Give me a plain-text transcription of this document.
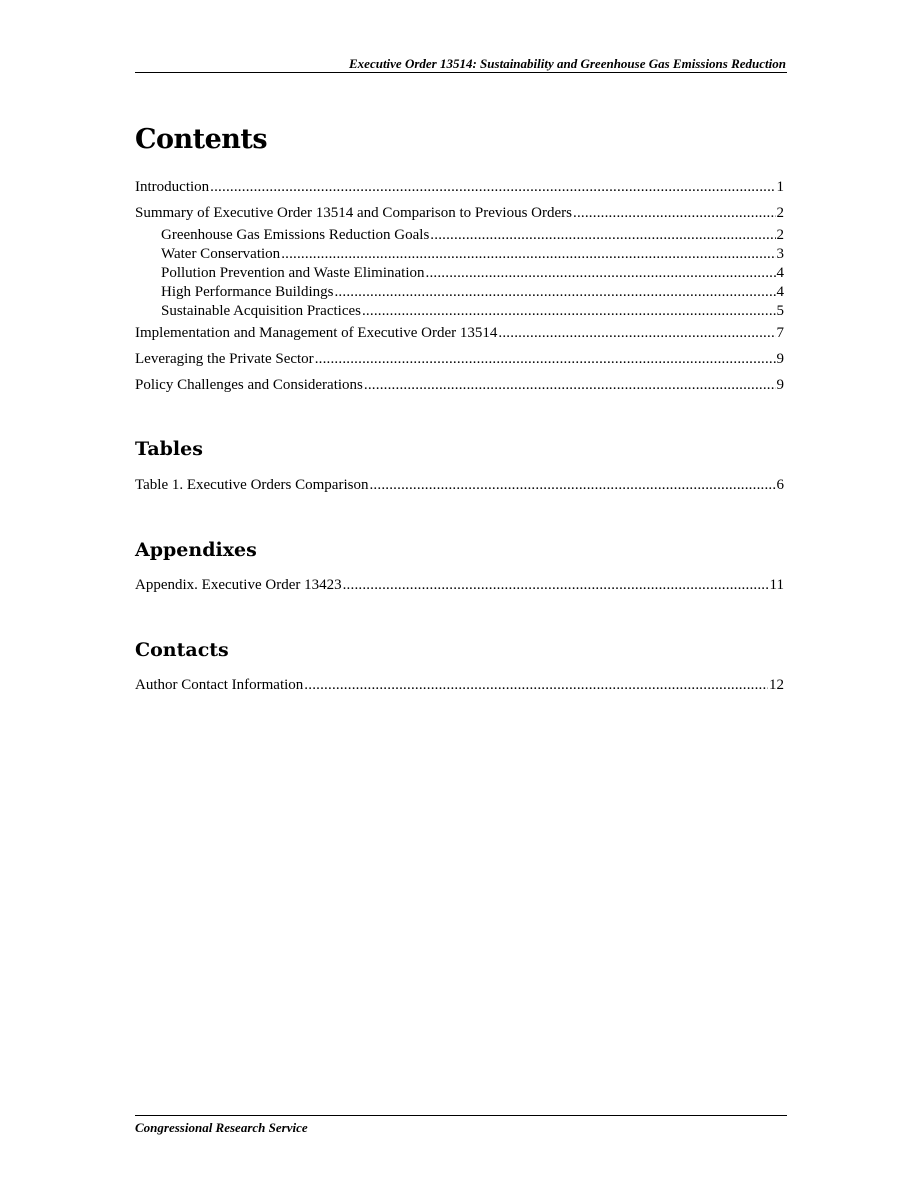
Executive Order 13514: Sustainability and Greenhouse Gas Emissions Reduction
Contents
Introduction .....	1
Summary of Executive Order 13514 and Comparison to Previous Orders .....	2
Greenhouse Gas Emissions Reduction Goals .....	2
Water Conservation .....	3
Pollution Prevention and Waste Elimination .....	4
High Performance Buildings .....	4
Sustainable Acquisition Practices .....	5
Implementation and Management of Executive Order 13514 .....	7
Leveraging the Private Sector .....	9
Policy Challenges and Considerations .....	9
Tables
Table 1. Executive Orders Comparison .....	6
Appendixes
Appendix. Executive Order 13423 .....	11
Contacts
Author Contact Information .....	12
Congressional Research Service
